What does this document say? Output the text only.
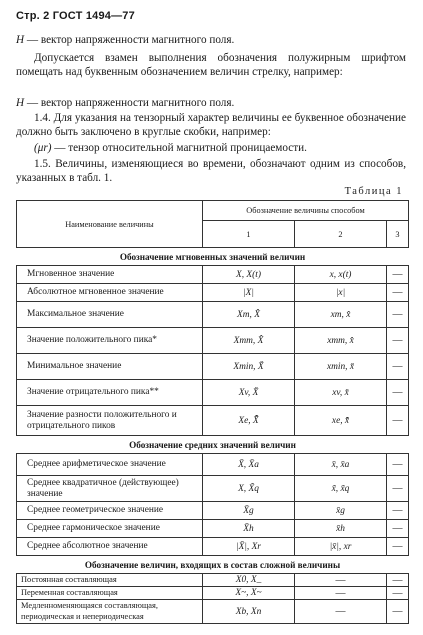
Стр. 2 ГОСТ 1494—77
H — вектор напряженности магнитного поля.
Допускается взамен выполнения обозначения полужирным шрифтом помещать над буквенным обозначением величин стрелку, например:
H — вектор напряженности магнитного поля.
1.4. Для указания на тензорный характер величины ее буквенное обозначение должно быть заключено в круглые скобки, например:
(μr) — тензор относительной магнитной проницаемости.
1.5. Величины, изменяющиеся во времени, обозначают одним из способов, указанных в табл. 1.
Таблица 1
Наименование величины	Обозначение величины способом		
	1	2	3
Обозначение мгновенных значений величин			
Мгновенное значение	X, X(t)	x, x(t)	—
Абсолютное мгновенное значение	|X|	|x|	—
Максимальное значение	Xm, X̂	xm, x̂	—
Значение положительного пика*	Xmm, X̂	xmm, x̂	—
Минимальное значение	Xmin, X̌	xmin, x̌	—
Значение отрицательного пика**	Xv, X̌	xv, x̌	—
Значение разности положительного и отрицательного пиков	Xe, X̂̌	xe, x̂̌	—
Обозначение средних значений величин			
Среднее арифметическое значение	X̄, X̄a	x̄, x̄a	—
Среднее квадратичное (действующее) значение	X, X̃q	x̃, x̃q	—
Среднее геометрическое значение	X̄g	x̄g	—
Среднее гармоническое значение	X̄h	x̄h	—
Среднее абсолютное значение	|X̄|, Xr	|x̄|, xr	—
Обозначение величин, входящих в состав сложной величины			
Постоянная составляющая	X0, X_	—	—
Переменная составляющая	X~, X~	—	—
Медленноменяющаяся составляющая, периодическая и непериодическая	Xb, Xn	—	—
